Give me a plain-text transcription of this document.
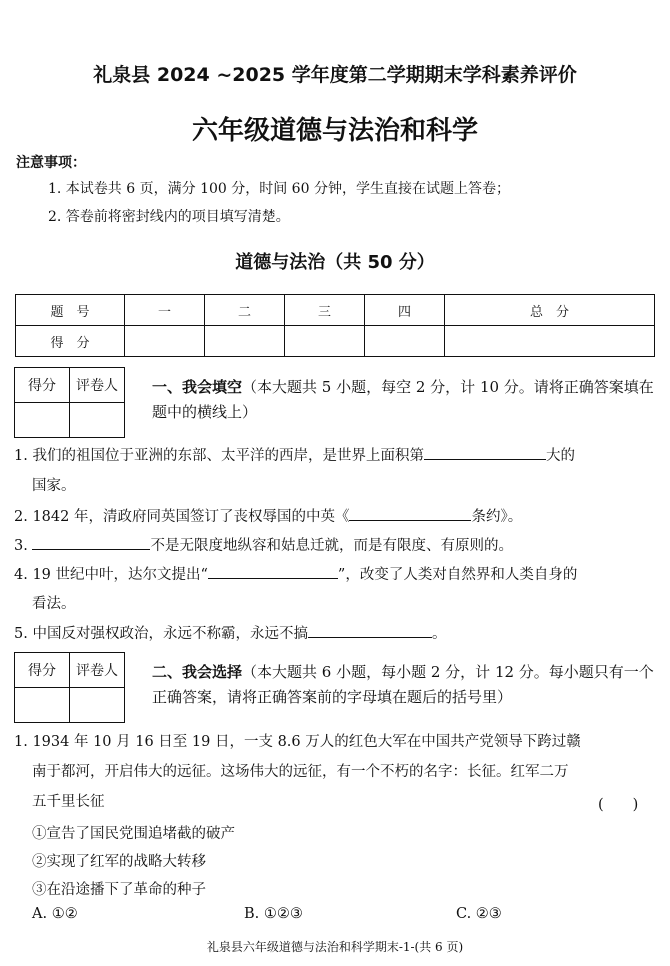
礼泉县 2024 ~2025 学年度第二学期期末学科素养评价
六年级道德与法治和科学
注意事项：
1. 本试卷共 6 页，满分 100 分，时间 60 分钟，学生直接在试题上答卷；
2. 答卷前将密封线内的项目填写清楚。
道德与法治（共 50 分）
题　号	一	二	三	四	总　分
得　分					
得分	评卷人
	一、我会填空（本大题共 5 小题，每空 2 分，计 10 分。请将正确答案填在题中的横线上）
1. 我们的祖国位于亚洲的东部、太平洋的西岸，是世界上面积第	大的
国家。
2. 1842 年，清政府同英国签订了丧权辱国的中英《	条约》。
3.	不是无限度地纵容和姑息迁就，而是有限度、有原则的。
4. 19 世纪中叶，达尔文提出“	”，改变了人类对自然界和人类自身的
看法。
5. 中国反对强权政治，永远不称霸，永远不搞	。
得分	评卷人
	二、我会选择（本大题共 6 小题，每小题 2 分，计 12 分。每小题只有一个正确答案，请将正确答案前的字母填在题后的括号里）
1. 1934 年 10 月 16 日至 19 日，一支 8.6 万人的红色大军在中国共产党领导下跨过赣
南于都河，开启伟大的远征。这场伟大的远征，有一个不朽的名字：长征。红军二万
五千里长征	(　　)
①宣告了国民党围追堵截的破产
②实现了红军的战略大转移
③在沿途播下了革命的种子
A. ①②	B. ①②③	C. ②③
礼泉县六年级道德与法治和科学期末-1-(共 6 页)
